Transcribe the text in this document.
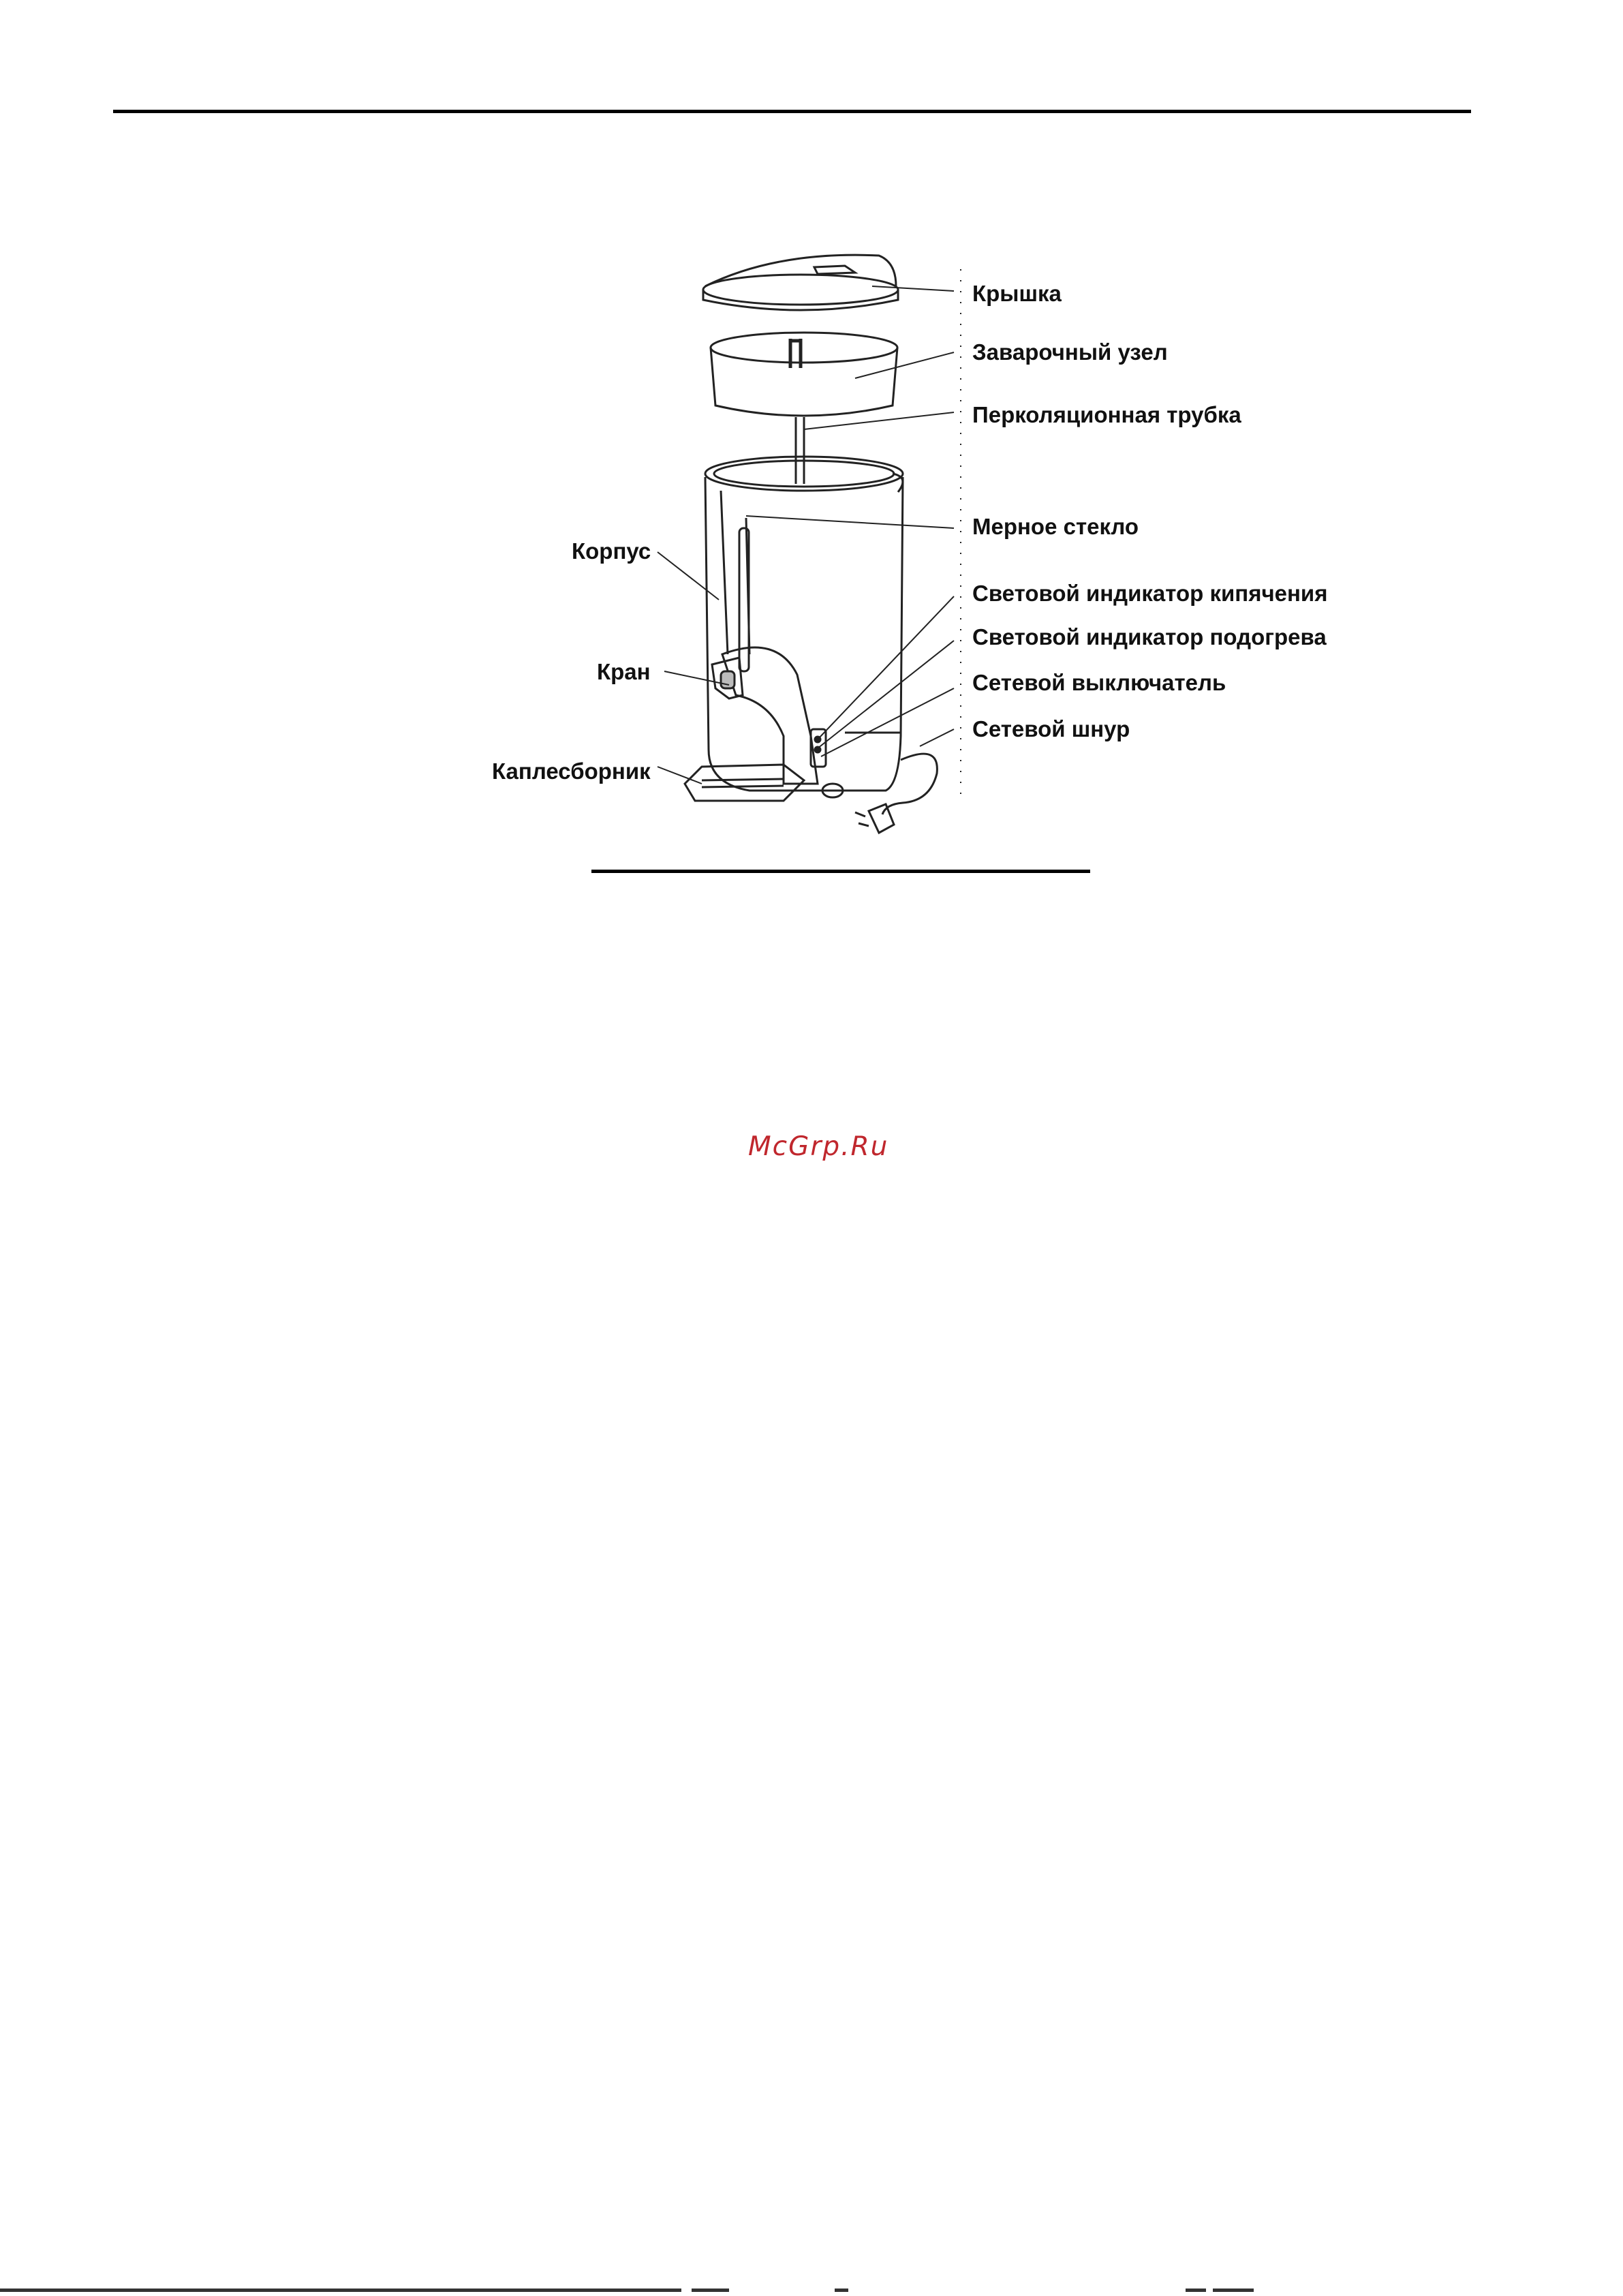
Крышка
Заварочный узел
Перколяционная трубка
Мерное стекло
Световой индикатор кипячения
Световой индикатор подогрева
Сетевой выключатель
Сетевой шнур
Корпус
Кран
Каплесборник
McGrp.Ru
